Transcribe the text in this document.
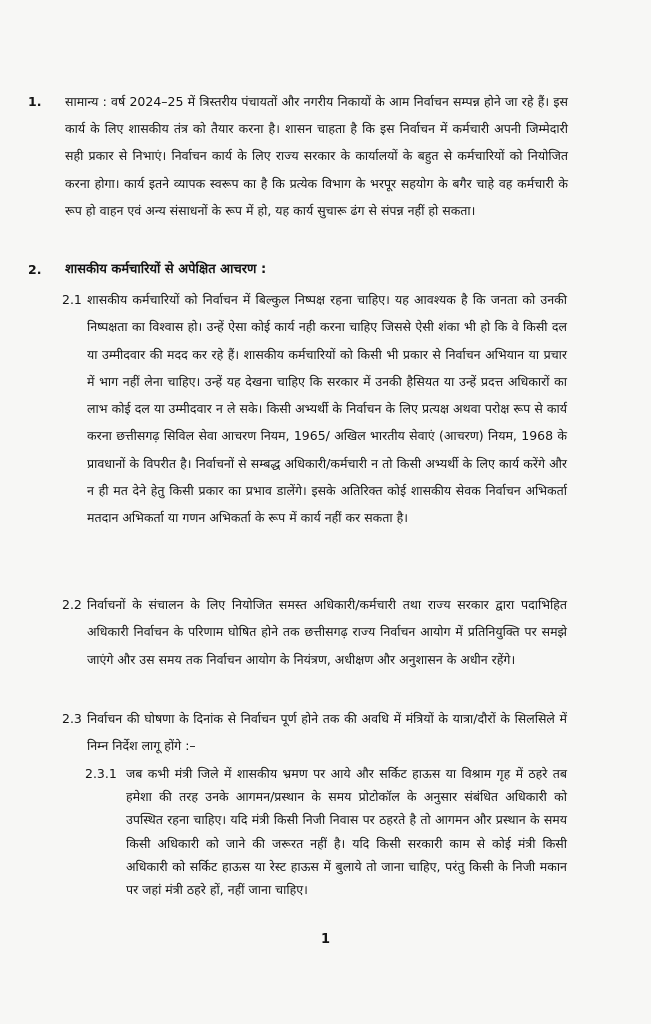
1. सामान्य : वर्ष 2024–25 में त्रिस्तरीय पंचायतों और नगरीय निकायों के आम निर्वाचन सम्पन्न होने जा रहे हैं। इस कार्य के लिए शासकीय तंत्र को तैयार करना है। शासन चाहता है कि इस निर्वाचन में कर्मचारी अपनी जिम्मेदारी सही प्रकार से निभाएं। निर्वाचन कार्य के लिए राज्य सरकार के कार्यालयों के बहुत से कर्मचारियों को नियोजित करना होगा। कार्य इतने व्यापक स्वरूप का है कि प्रत्येक विभाग के भरपूर सहयोग के बगैर चाहे वह कर्मचारी के रूप हो वाहन एवं अन्य संसाधनों के रूप में हो, यह कार्य सुचारू ढंग से संपन्न नहीं हो सकता।

2. शासकीय कर्मचारियों से अपेक्षित आचरण :

2.1 शासकीय कर्मचारियों को निर्वाचन में बिल्कुल निष्पक्ष रहना चाहिए। यह आवश्यक है कि जनता को उनकी निष्पक्षता का विश्वास हो। उन्हें ऐसा कोई कार्य नही करना चाहिए जिससे ऐसी शंका भी हो कि वे किसी दल या उम्मीदवार की मदद कर रहे हैं। शासकीय कर्मचारियों को किसी भी प्रकार से निर्वाचन अभियान या प्रचार में भाग नहीं लेना चाहिए। उन्हें यह देखना चाहिए कि सरकार में उनकी हैसियत या उन्हें प्रदत्त अधिकारों का लाभ कोई दल या उम्मीदवार न ले सके। किसी अभ्यर्थी के निर्वाचन के लिए प्रत्यक्ष अथवा परोक्ष रूप से कार्य करना छत्तीसगढ़ सिविल सेवा आचरण नियम, 1965/ अखिल भारतीय सेवाएं (आचरण) नियम, 1968 के प्रावधानों के विपरीत है। निर्वाचनों से सम्बद्ध अधिकारी/कर्मचारी न तो किसी अभ्यर्थी के लिए कार्य करेंगे और न ही मत देने हेतु किसी प्रकार का प्रभाव डालेंगे। इसके अतिरिक्त कोई शासकीय सेवक निर्वाचन अभिकर्ता मतदान अभिकर्ता या गणन अभिकर्ता के रूप में कार्य नहीं कर सकता है।

2.2 निर्वाचनों के संचालन के लिए नियोजित समस्त अधिकारी/कर्मचारी तथा राज्य सरकार द्वारा पदाभिहित अधिकारी निर्वाचन के परिणाम घोषित होने तक छत्तीसगढ़ राज्य निर्वाचन आयोग में प्रतिनियुक्ति पर समझे जाएंगे और उस समय तक निर्वाचन आयोग के नियंत्रण, अधीक्षण और अनुशासन के अधीन रहेंगे।

2.3 निर्वाचन की घोषणा के दिनांक से निर्वाचन पूर्ण होने तक की अवधि में मंत्रियों के यात्रा/दौरों के सिलसिले में निम्न निर्देश लागू होंगे :–

2.3.1 जब कभी मंत्री जिले में शासकीय भ्रमण पर आये और सर्किट हाऊस या विश्राम गृह में ठहरे तब हमेशा की तरह उनके आगमन/प्रस्थान के समय प्रोटोकॉल के अनुसार संबंधित अधिकारी को उपस्थित रहना चाहिए। यदि मंत्री किसी निजी निवास पर ठहरते है तो आगमन और प्रस्थान के समय किसी अधिकारी को जाने की जरूरत नहीं है। यदि किसी सरकारी काम से कोई मंत्री किसी अधिकारी को सर्किट हाऊस या रेस्ट हाऊस में बुलाये तो जाना चाहिए, परंतु किसी के निजी मकान पर जहां मंत्री ठहरे हों, नहीं जाना चाहिए।

1
